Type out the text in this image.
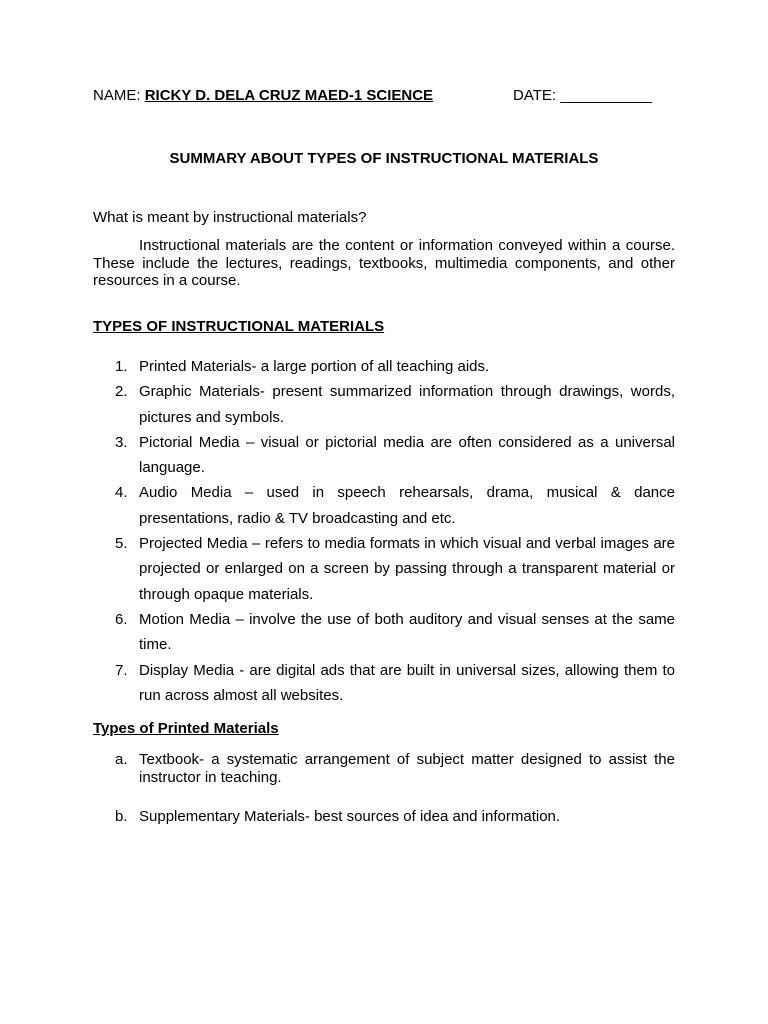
NAME: RICKY D. DELA CRUZ MAED-1 SCIENCE	DATE: ___________
SUMMARY ABOUT TYPES OF INSTRUCTIONAL MATERIALS
What is meant by instructional materials?
Instructional materials are the content or information conveyed within a course. These include the lectures, readings, textbooks, multimedia components, and other resources in a course.
TYPES OF INSTRUCTIONAL MATERIALS
1. Printed Materials- a large portion of all teaching aids.
2. Graphic Materials- present summarized information through drawings, words, pictures and symbols.
3. Pictorial Media – visual or pictorial media are often considered as a universal language.
4. Audio Media – used in speech rehearsals, drama, musical & dance presentations, radio & TV broadcasting and etc.
5. Projected Media – refers to media formats in which visual and verbal images are projected or enlarged on a screen by passing through a transparent material or through opaque materials.
6. Motion Media – involve the use of both auditory and visual senses at the same time.
7. Display Media - are digital ads that are built in universal sizes, allowing them to run across almost all websites.
Types of Printed Materials
a. Textbook- a systematic arrangement of subject matter designed to assist the instructor in teaching.
b. Supplementary Materials- best sources of idea and information.
